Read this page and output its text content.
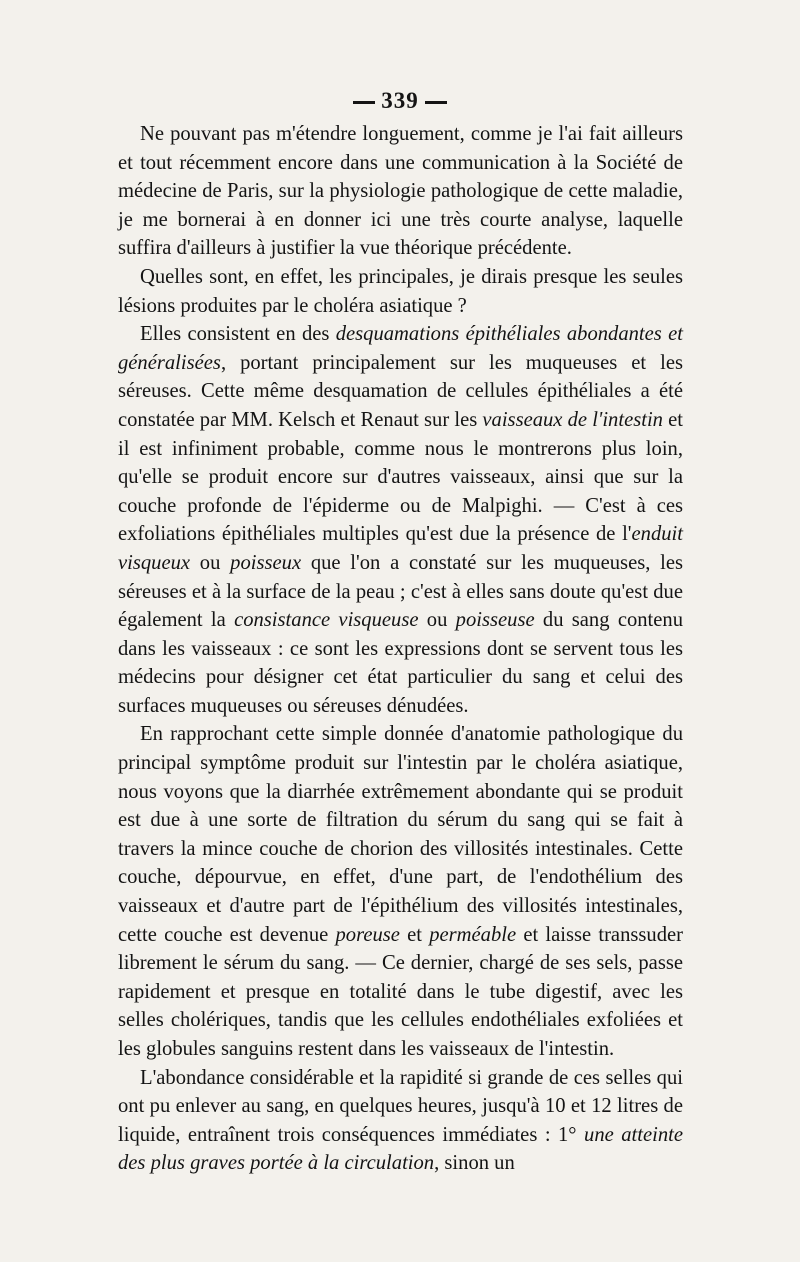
339

Ne pouvant pas m'étendre longuement, comme je l'ai fait ailleurs et tout récemment encore dans une communication à la Société de médecine de Paris, sur la physiologie pathologique de cette maladie, je me bornerai à en donner ici une très courte analyse, laquelle suffira d'ailleurs à justifier la vue théorique précédente.

Quelles sont, en effet, les principales, je dirais presque les seules lésions produites par le choléra asiatique ?

Elles consistent en des desquamations épithéliales abondantes et généralisées, portant principalement sur les muqueuses et les séreuses. Cette même desquamation de cellules épithéliales a été constatée par MM. Kelsch et Renaut sur les vaisseaux de l'intestin et il est infiniment probable, comme nous le montrerons plus loin, qu'elle se produit encore sur d'autres vaisseaux, ainsi que sur la couche profonde de l'épiderme ou de Malpighi. — C'est à ces exfoliations épithéliales multiples qu'est due la présence de l'enduit visqueux ou poisseux que l'on a constaté sur les muqueuses, les séreuses et à la surface de la peau ; c'est à elles sans doute qu'est due également la consistance visqueuse ou poisseuse du sang contenu dans les vaisseaux : ce sont les expressions dont se servent tous les médecins pour désigner cet état particulier du sang et celui des surfaces muqueuses ou séreuses dénudées.

En rapprochant cette simple donnée d'anatomie pathologique du principal symptôme produit sur l'intestin par le choléra asiatique, nous voyons que la diarrhée extrêmement abondante qui se produit est due à une sorte de filtration du sérum du sang qui se fait à travers la mince couche de chorion des villosités intestinales. Cette couche, dépourvue, en effet, d'une part, de l'endothélium des vaisseaux et d'autre part de l'épithélium des villosités intestinales, cette couche est devenue poreuse et perméable et laisse transsuder librement le sérum du sang. — Ce dernier, chargé de ses sels, passe rapidement et presque en totalité dans le tube digestif, avec les selles cholériques, tandis que les cellules endothéliales exfoliées et les globules sanguins restent dans les vaisseaux de l'intestin.

L'abondance considérable et la rapidité si grande de ces selles qui ont pu enlever au sang, en quelques heures, jusqu'à 10 et 12 litres de liquide, entraînent trois conséquences immédiates : 1° une atteinte des plus graves portée à la circulation, sinon un
